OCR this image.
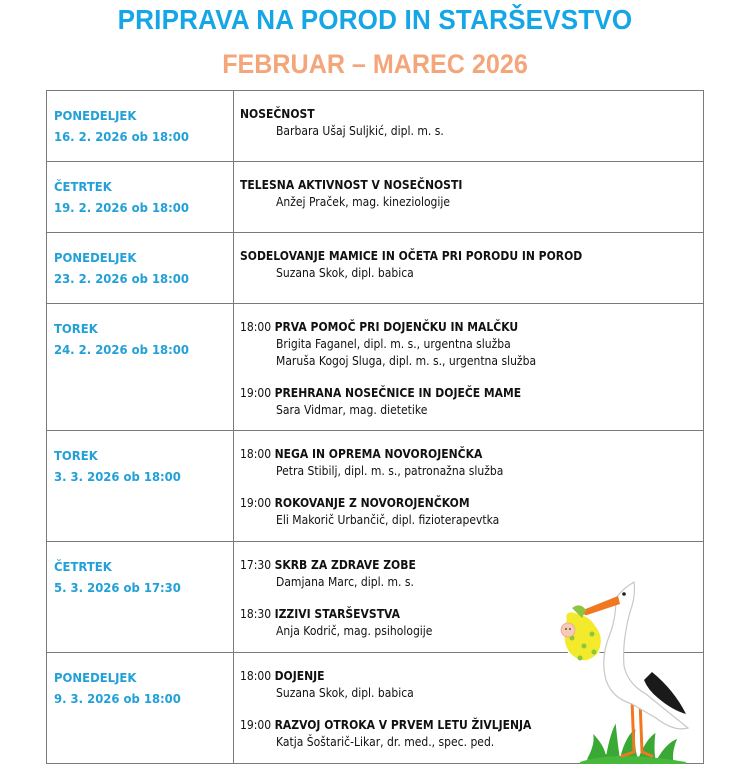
PRIPRAVA NA POROD IN STARŠEVSTVO
FEBRUAR – MAREC 2026
PONEDELJEK
16. 2. 2026 ob 18:00
NOSEČNOST
Barbara Ušaj Suljkić, dipl. m. s.
ČETRTEK
19. 2. 2026 ob 18:00
TELESNA AKTIVNOST V NOSEČNOSTI
Anžej Praček, mag. kineziologije
PONEDELJEK
23. 2. 2026 ob 18:00
SODELOVANJE MAMICE IN OČETA PRI PORODU IN POROD
Suzana Skok, dipl. babica
TOREK
24. 2. 2026 ob 18:00
18:00 PRVA POMOČ PRI DOJENČKU IN MALČKU
Brigita Faganel, dipl. m. s., urgentna služba
Maruša Kogoj Sluga, dipl. m. s., urgentna služba
19:00 PREHRANA NOSEČNICE IN DOJEČE MAME
Sara Vidmar, mag. dietetike
TOREK
3. 3. 2026 ob 18:00
18:00 NEGA IN OPREMA NOVOROJENČKA
Petra Stibilj, dipl. m. s., patronažna služba
19:00 ROKOVANJE Z NOVOROJENČKOM
Eli Makorič Urbančič, dipl. fizioterapevtka
ČETRTEK
5. 3. 2026 ob 17:30
17:30 SKRB ZA ZDRAVE ZOBE
Damjana Marc, dipl. m. s.
18:30 IZZIVI STARŠEVSTVA
Anja Kodrič, mag. psihologije
PONEDELJEK
9. 3. 2026 ob 18:00
18:00 DOJENJE
Suzana Skok, dipl. babica
19:00 RAZVOJ OTROKA V PRVEM LETU ŽIVLJENJA
Katja Šoštarič-Likar, dr. med., spec. ped.
